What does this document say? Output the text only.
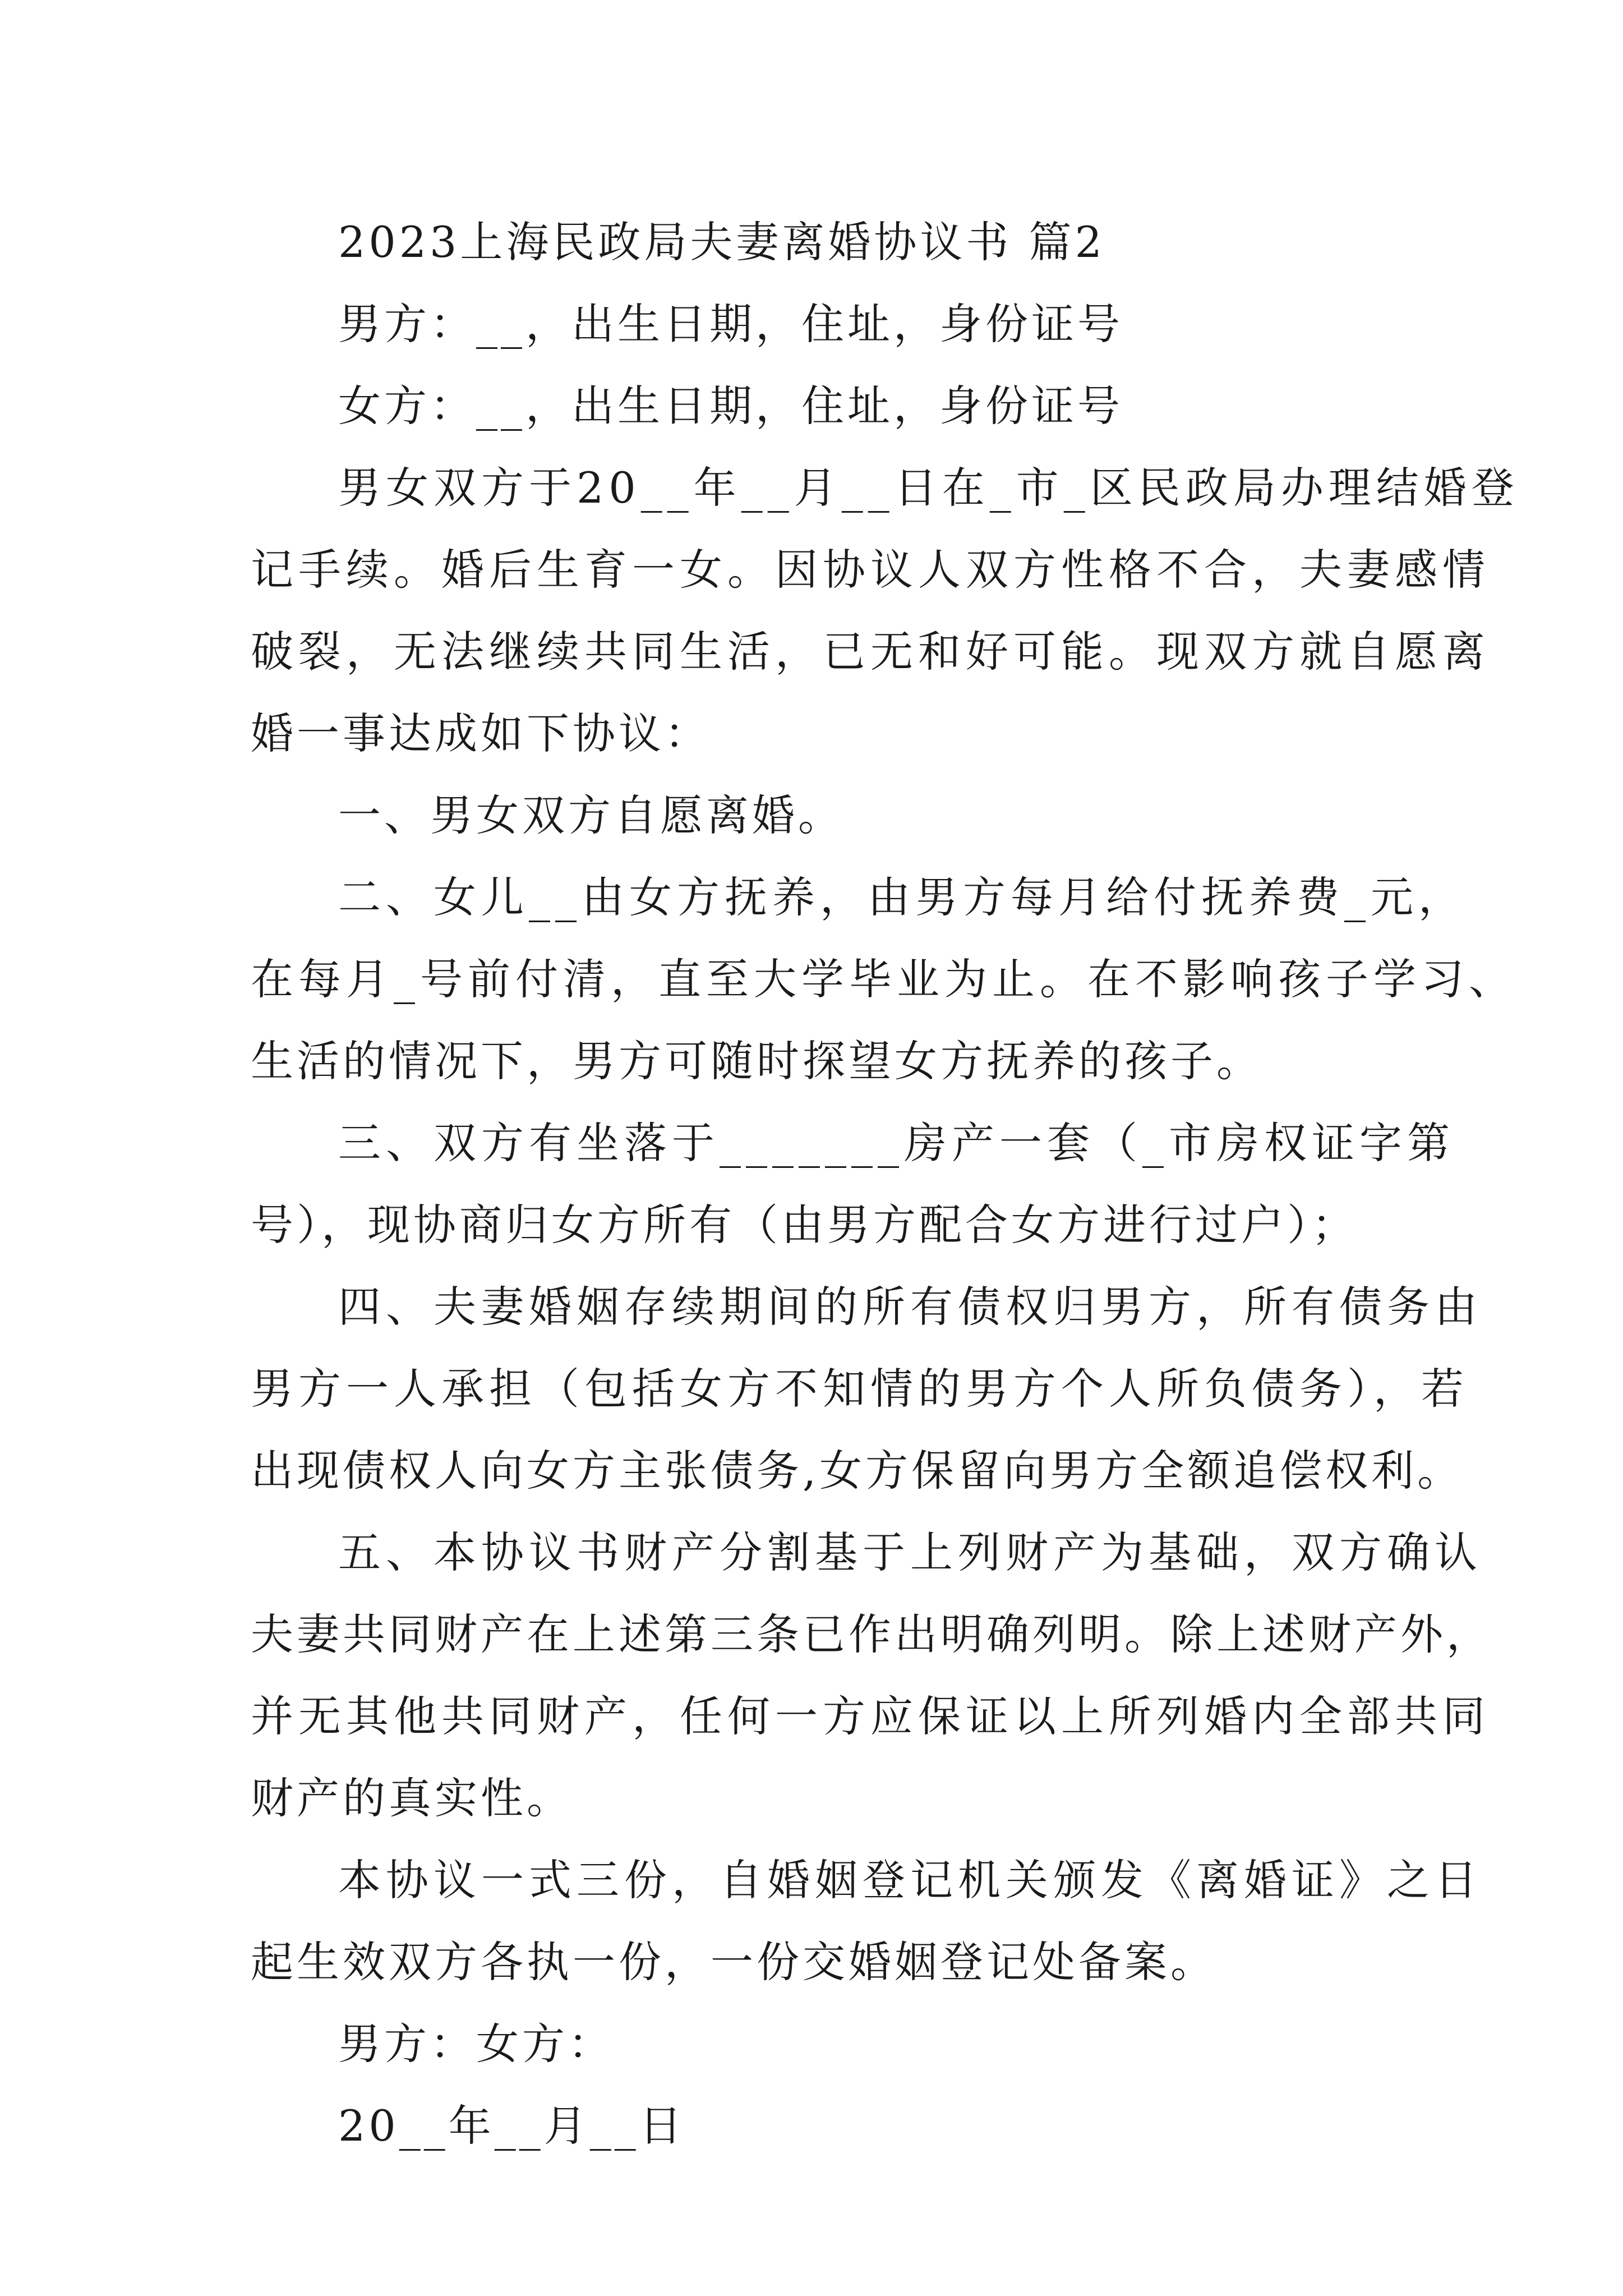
2023上海民政局夫妻离婚协议书 篇2
男方：__，出生日期，住址，身份证号
女方：__，出生日期，住址，身份证号
男女双方于20__年__月__日在_市_区民政局办理结婚登
记手续。婚后生育一女。因协议人双方性格不合，夫妻感情
破裂，无法继续共同生活，已无和好可能。现双方就自愿离
婚一事达成如下协议：
一、男女双方自愿离婚。
二、女儿__由女方抚养，由男方每月给付抚养费_元，
在每月_号前付清，直至大学毕业为止。在不影响孩子学习、
生活的情况下，男方可随时探望女方抚养的孩子。
三、双方有坐落于_______房产一套（_市房权证字第
号），现协商归女方所有（由男方配合女方进行过户）；
四、夫妻婚姻存续期间的所有债权归男方，所有债务由
男方一人承担（包括女方不知情的男方个人所负债务），若
出现债权人向女方主张债务,女方保留向男方全额追偿权利。
五、本协议书财产分割基于上列财产为基础，双方确认
夫妻共同财产在上述第三条已作出明确列明。除上述财产外，
并无其他共同财产，任何一方应保证以上所列婚内全部共同
财产的真实性。
本协议一式三份，自婚姻登记机关颁发《离婚证》之日
起生效双方各执一份，一份交婚姻登记处备案。
男方：女方：
20__年__月__日
